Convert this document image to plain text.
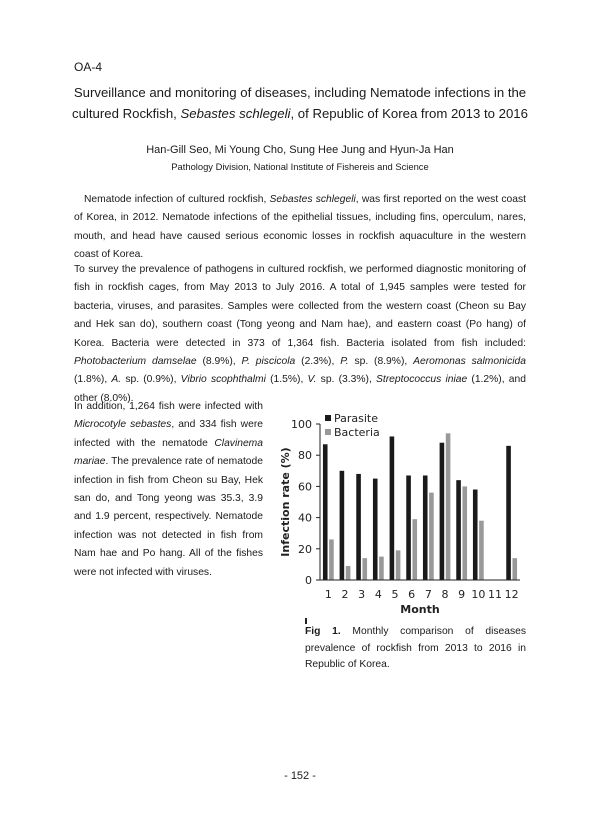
OA-4
Surveillance and monitoring of diseases, including Nematode infections in the
cultured Rockfish, Sebastes schlegeli, of Republic of Korea from 2013 to 2016
Han-Gill Seo, Mi Young Cho, Sung Hee Jung and Hyun-Ja Han
Pathology Division, National Institute of Fishereis and Science
Nematode infection of cultured rockfish, Sebastes schlegeli, was first reported on the west coast of Korea, in 2012. Nematode infections of the epithelial tissues, including fins, operculum, nares, mouth, and head have caused serious economic losses in rockfish aquaculture in the western coast of Korea.
To survey the prevalence of pathogens in cultured rockfish, we performed diagnostic monitoring of fish in rockfish cages, from May 2013 to July 2016. A total of 1,945 samples were tested for bacteria, viruses, and parasites. Samples were collected from the western coast (Cheon su Bay and Hek san do), southern coast (Tong yeong and Nam hae), and eastern coast (Po hang) of Korea. Bacteria were detected in 373 of 1,364 fish. Bacteria isolated from fish included: Photobacterium damselae (8.9%), P. piscicola (2.3%), P. sp. (8.9%), Aeromonas salmonicida (1.8%), A. sp. (0.9%), Vibrio scophthalmi (1.5%), V. sp. (3.3%), Streptococcus iniae (1.2%), and other (8.0%).
In addition, 1,264 fish were infected with Microcotyle sebastes, and 334 fish were infected with the nematode Clavinema mariae. The prevalence rate of nematode infection in fish from Cheon su Bay, Hek san do, and Tong yeong was 35.3, 3.9 and 1.9 percent, respectively. Nematode infection was not detected in fish from Nam hae and Po hang. All of the fishes were not infected with viruses.
0
20
40
60
80
100
1 2 3 4 5 6 7 8 9 10 11 12
Parasite
Bacteria
Month
Infection rate (%)
Fig 1. Monthly comparison of diseases prevalence of rockfish from 2013 to 2016 in Republic of Korea.
- 152 -
